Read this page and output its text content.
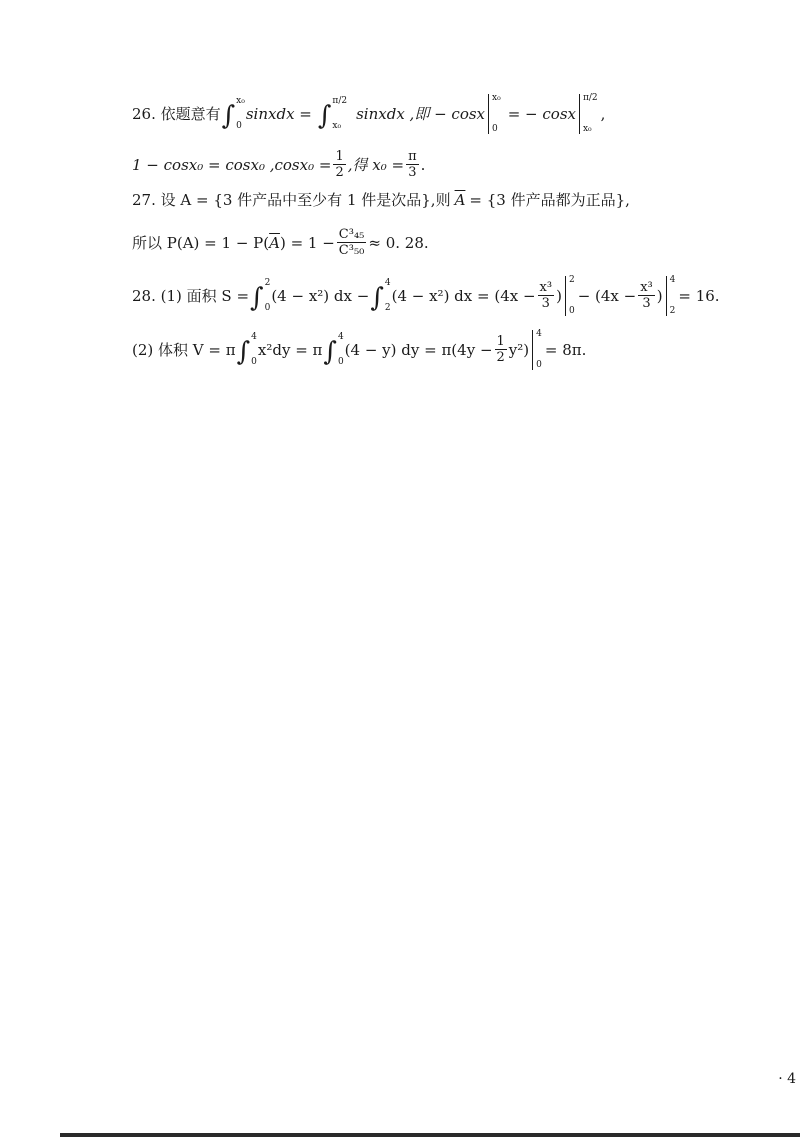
26. 依题意有 ∫ x₀
0
sinxdx = ∫ π/2
x₀
sinxdx ,即 − cosx
x₀
0
= − cosx
π/2
x₀
,
1 − cosx₀ = cosx₀ $,\cos x_0 = \frac{1}{2}$ ,得 $x_0 = \frac{\pi}{3}$ .
27. 设 A = {3 件产品中至少有 1 件是次品},则 $\overline{A} = \{3$ 件产品都为正品},
所以 P(A) = 1 − P( $\overline{A}$ ) = $1 - \frac{\text{C³₄₅}}{\text{C³₅₀}} \approx 0$. 28.
28. (1) 面积 S = ∫ 2
0
(4 − x²) dx − ∫ 4
2
(4 − x²) dx = ($4x - \frac{\text{x³}}{3}$ )
2
0
− ($4x - \frac{\text{x³}}{3}$ )
4
2
= 16.
(2) 体积 V = π ∫ 4
0
x²dy = π ∫ 4
0
(4 − y) dy = $\pi(4y - \frac{1}{2} y^2)$
4
0
= 8π.
· 4
